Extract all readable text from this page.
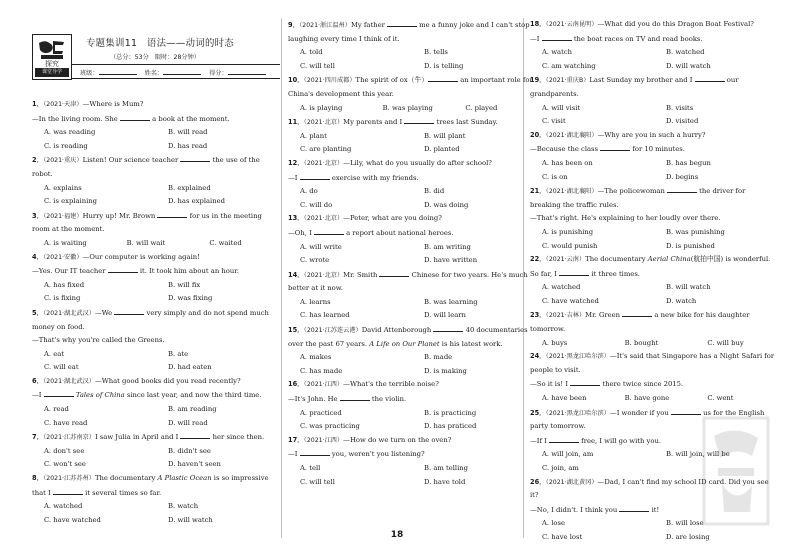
探究
课堂导学
专题集训11　语法——动词的时态
（总分：53分　限时：28分钟）
班级：	姓名：	得分：
1．（2021·天津）—Where is Mum?
—In the living room. She	a book at the moment.
A. was reading	B. will read
C. is reading	D. has read
2．（2021·重庆）Listen! Our science teacher	the use of the robot.
A. explains	B. explained
C. is explaining	D. has explained
3．（2021·福建）Hurry up! Mr. Brown	for us in the meeting room at the moment.
A. is waiting	B. will wait	C. waited
4．（2021·安徽）—Our computer is working again!
—Yes. Our IT teacher	it. It took him about an hour.
A. has fixed	B. will fix
C. is fixing	D. was fixing
5．（2021·湖北武汉）—We	very simply and do not spend much money on food.
—That's why you're called the Greens.
A. eat	B. ate
C. will eat	D. had eaten
6．（2021·湖北武汉）—What good books did you read recently?
—I	Tales of China since last year, and now the third time.
A. read	B. am reading
C. have read	D. will read
7．（2021·江苏南京）I saw Julia in April and I	her since then.
A. don't see	B. didn't see
C. won't see	D. haven't seen
8．（2021·江苏苏州）The documentary A Plastic Ocean is so impressive that I	it several times so far.
A. watched	B. watch
C. have watched	D. will watch
9．（2021·浙江温州）My father	me a funny joke and I can't stop laughing every time I think of it.
A. told	B. tells
C. will tell	D. is telling
10．（2021·四川成都）The spirit of ox（牛）	an important role for China's development this year.
A. is playing	B. was playing	C. played
11．（2021·北京）My parents and I	trees last Sunday.
A. plant	B. will plant
C. are planting	D. planted
12．（2021·北京）—Lily, what do you usually do after school?
—I	exercise with my friends.
A. do	B. did
C. will do	D. was doing
13．（2021·北京）—Peter, what are you doing?
—Oh, I	a report about national heroes.
A. will write	B. am writing
C. wrote	D. have written
14．（2021·北京）Mr. Smith	Chinese for two years. He's much better at it now.
A. learns	B. was learning
C. has learned	D. will learn
15．（2021·江苏连云港）David Attenborough	40 documentaries over the past 67 years. A Life on Our Planet is his latest work.
A. makes	B. made
C. has made	D. is making
16．（2021·江西）—What's the terrible noise?
—It's John. He	the violin.
A. practiced	B. is practicing
C. was practicing	D. has praticed
17．（2021·江西）—How do we turn on the oven?
—I	you, weren't you listening?
A. tell	B. am telling
C. will tell	D. have told
18．（2021·云南昆明）—What did you do this Dragon Boat Festival?
—I	the boat races on TV and read books.
A. watch	B. watched
C. am watching	D. will watch
19．（2021·重庆B）Last Sunday my brother and I	our grandparents.
A. will visit	B. visits
C. visit	D. visited
20．（2021·湖北襄阳）—Why are you in such a hurry?
—Because the class	for 10 minutes.
A. has been on	B. has begun
C. is on	D. begins
21．（2021·湖北襄阳）—The policewoman	the driver for breaking the traffic rules.
—That's right. He's explaining to her loudly over there.
A. is punishing	B. was punishing
C. would punish	D. is punished
22．（2021·云南）The documentary Aerial China(航拍中国) is wonderful. So far, I	it three times.
A. watched	B. will watch
C. have watched	D. watch
23．（2021·吉林）Mr. Green	a new bike for his daughter tomorrow.
A. buys	B. bought	C. will buy
24．（2021·黑龙江哈尔滨）—It's said that Singapore has a Night Safari for people to visit.
—So it is! I	there twice since 2015.
A. have been	B. have gone	C. went
25．（2021·黑龙江哈尔滨）—I wonder if you	us for the English party tomorrow.
—If I	free, I will go with you.
A. will join, am	B. will join, will be
C. join, am
26．（2021·湖北黄冈）—Dad, I can't find my school ID card. Did you see it?
—No, I didn't. I think you	it!
A. lose	B. will lose
C. have lost	D. are losing
18
